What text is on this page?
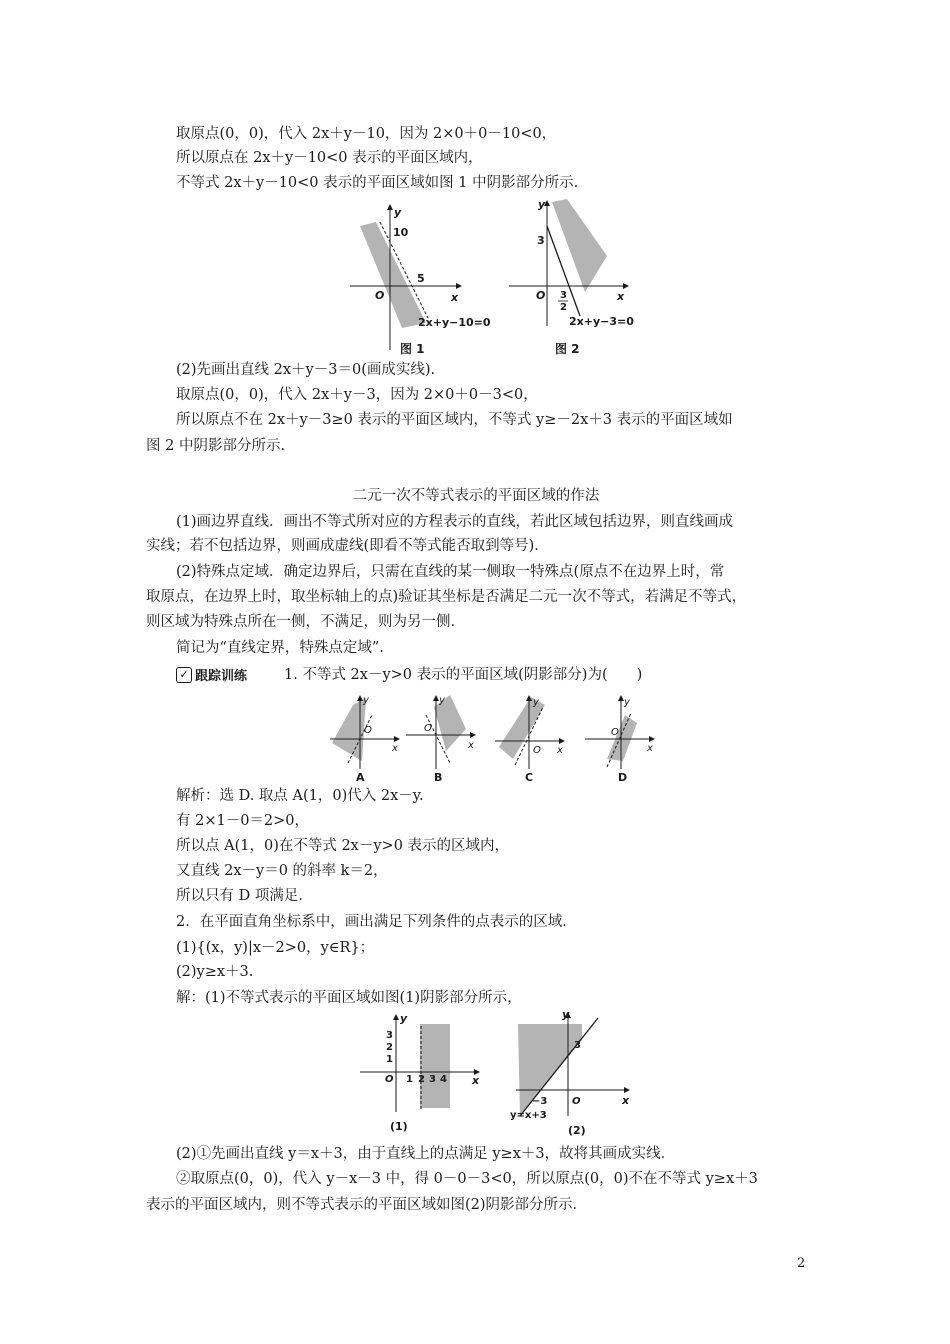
取原点(0，0)，代入 2x＋y－10，因为 2×0＋0－10<0，
所以原点在 2x＋y－10<0 表示的平面区域内，
不等式 2x＋y－10<0 表示的平面区域如图 1 中阴影部分所示.
y
10
5
O	x
2x+y−10=0
图 1
y
3
O 3
2
x
2x+y−3=0
图 2
(2)先画出直线 2x＋y－3＝0(画成实线).
取原点(0，0)，代入 2x＋y－3，因为 2×0＋0－3<0，
所以原点不在 2x＋y－3≥0 表示的平面区域内，不等式 y≥－2x＋3 表示的平面区域如
图 2 中阴影部分所示.
二元一次不等式表示的平面区域的作法
(1)画边界直线．画出不等式所对应的方程表示的直线，若此区域包括边界，则直线画成
实线；若不包括边界，则画成虚线(即看不等式能否取到等号)．
(2)特殊点定域．确定边界后，只需在直线的某一侧取一特殊点(原点不在边界上时，常
取原点，在边界上时，取坐标轴上的点)验证其坐标是否满足二元一次不等式，若满足不等式，
则区域为特殊点所在一侧，不满足，则为另一侧．
简记为“直线定界，特殊点定域”．
✓ 跟踪训练	1. 不等式 2x－y>0 表示的平面区域(阴影部分)为(　　)
y
O
x
A
y
O
x
B
y
O x
C
y
O
x
D
解析：选 D. 取点 A(1，0)代入 2x－y.
有 2×1－0＝2>0，
所以点 A(1，0)在不等式 2x－y>0 表示的区域内，
又直线 2x－y＝0 的斜率 k＝2，
所以只有 D 项满足．
2．在平面直角坐标系中，画出满足下列条件的点表示的区域．
(1){(x，y)|x－2>0，y∈R}；
(2)y≥x＋3.
解：(1)不等式表示的平面区域如图(1)阴影部分所示，
y
3
2
1
O 1 2 3 4 x
(1)
y
3
−3 O	x
y=x+3
(2)
(2)①先画出直线 y＝x＋3，由于直线上的点满足 y≥x＋3，故将其画成实线．
②取原点(0，0)，代入 y－x－3 中，得 0－0－3<0，所以原点(0，0)不在不等式 y≥x＋3
表示的平面区域内，则不等式表示的平面区域如图(2)阴影部分所示．
2
